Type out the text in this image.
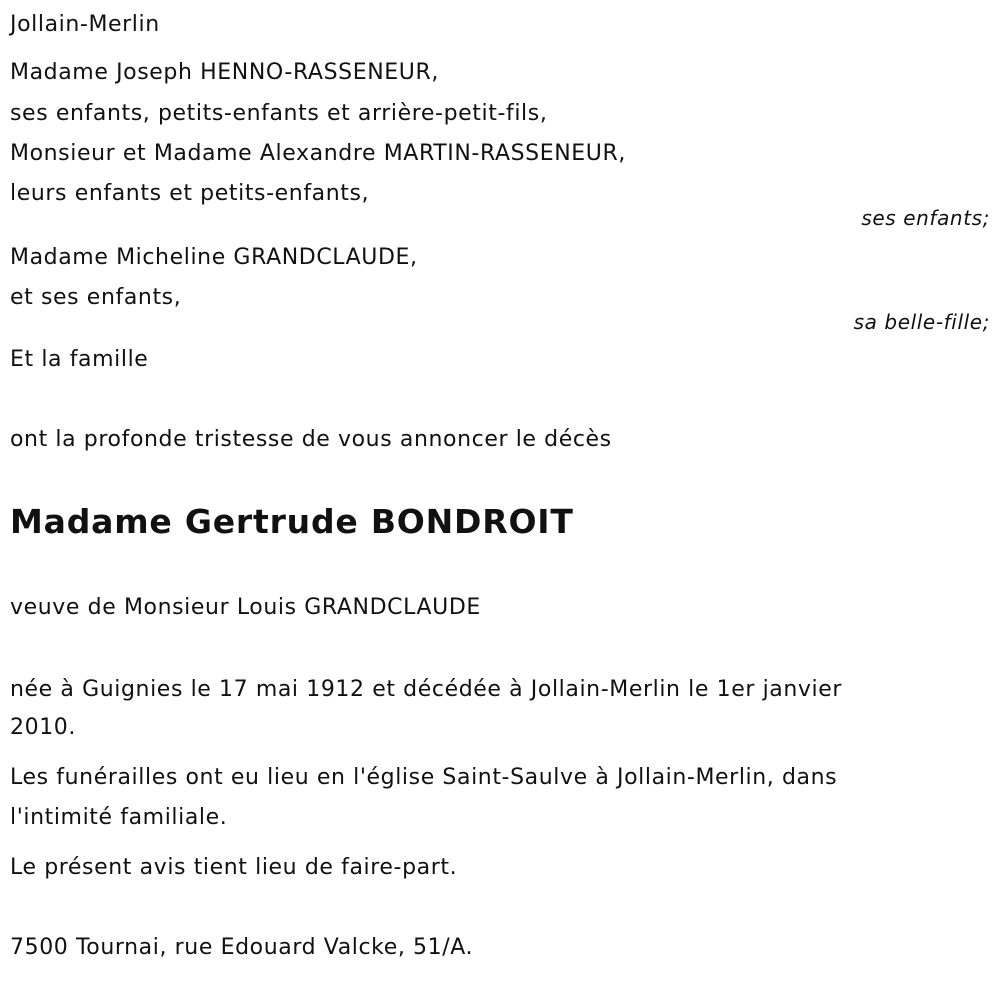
Jollain-Merlin
Madame Joseph HENNO-RASSENEUR,
ses enfants, petits-enfants et arrière-petit-fils,
Monsieur et Madame Alexandre MARTIN-RASSENEUR,
leurs enfants et petits-enfants,
ses enfants;
Madame Micheline GRANDCLAUDE,
et ses enfants,
sa belle-fille;
Et la famille
ont la profonde tristesse de vous annoncer le décès
Madame Gertrude BONDROIT
veuve de Monsieur Louis GRANDCLAUDE
née à Guignies le 17 mai 1912 et décédée à Jollain-Merlin le 1er janvier
2010.
Les funérailles ont eu lieu en l'église Saint-Saulve à Jollain-Merlin, dans
l'intimité familiale.
Le présent avis tient lieu de faire-part.
7500 Tournai, rue Edouard Valcke, 51/A.
